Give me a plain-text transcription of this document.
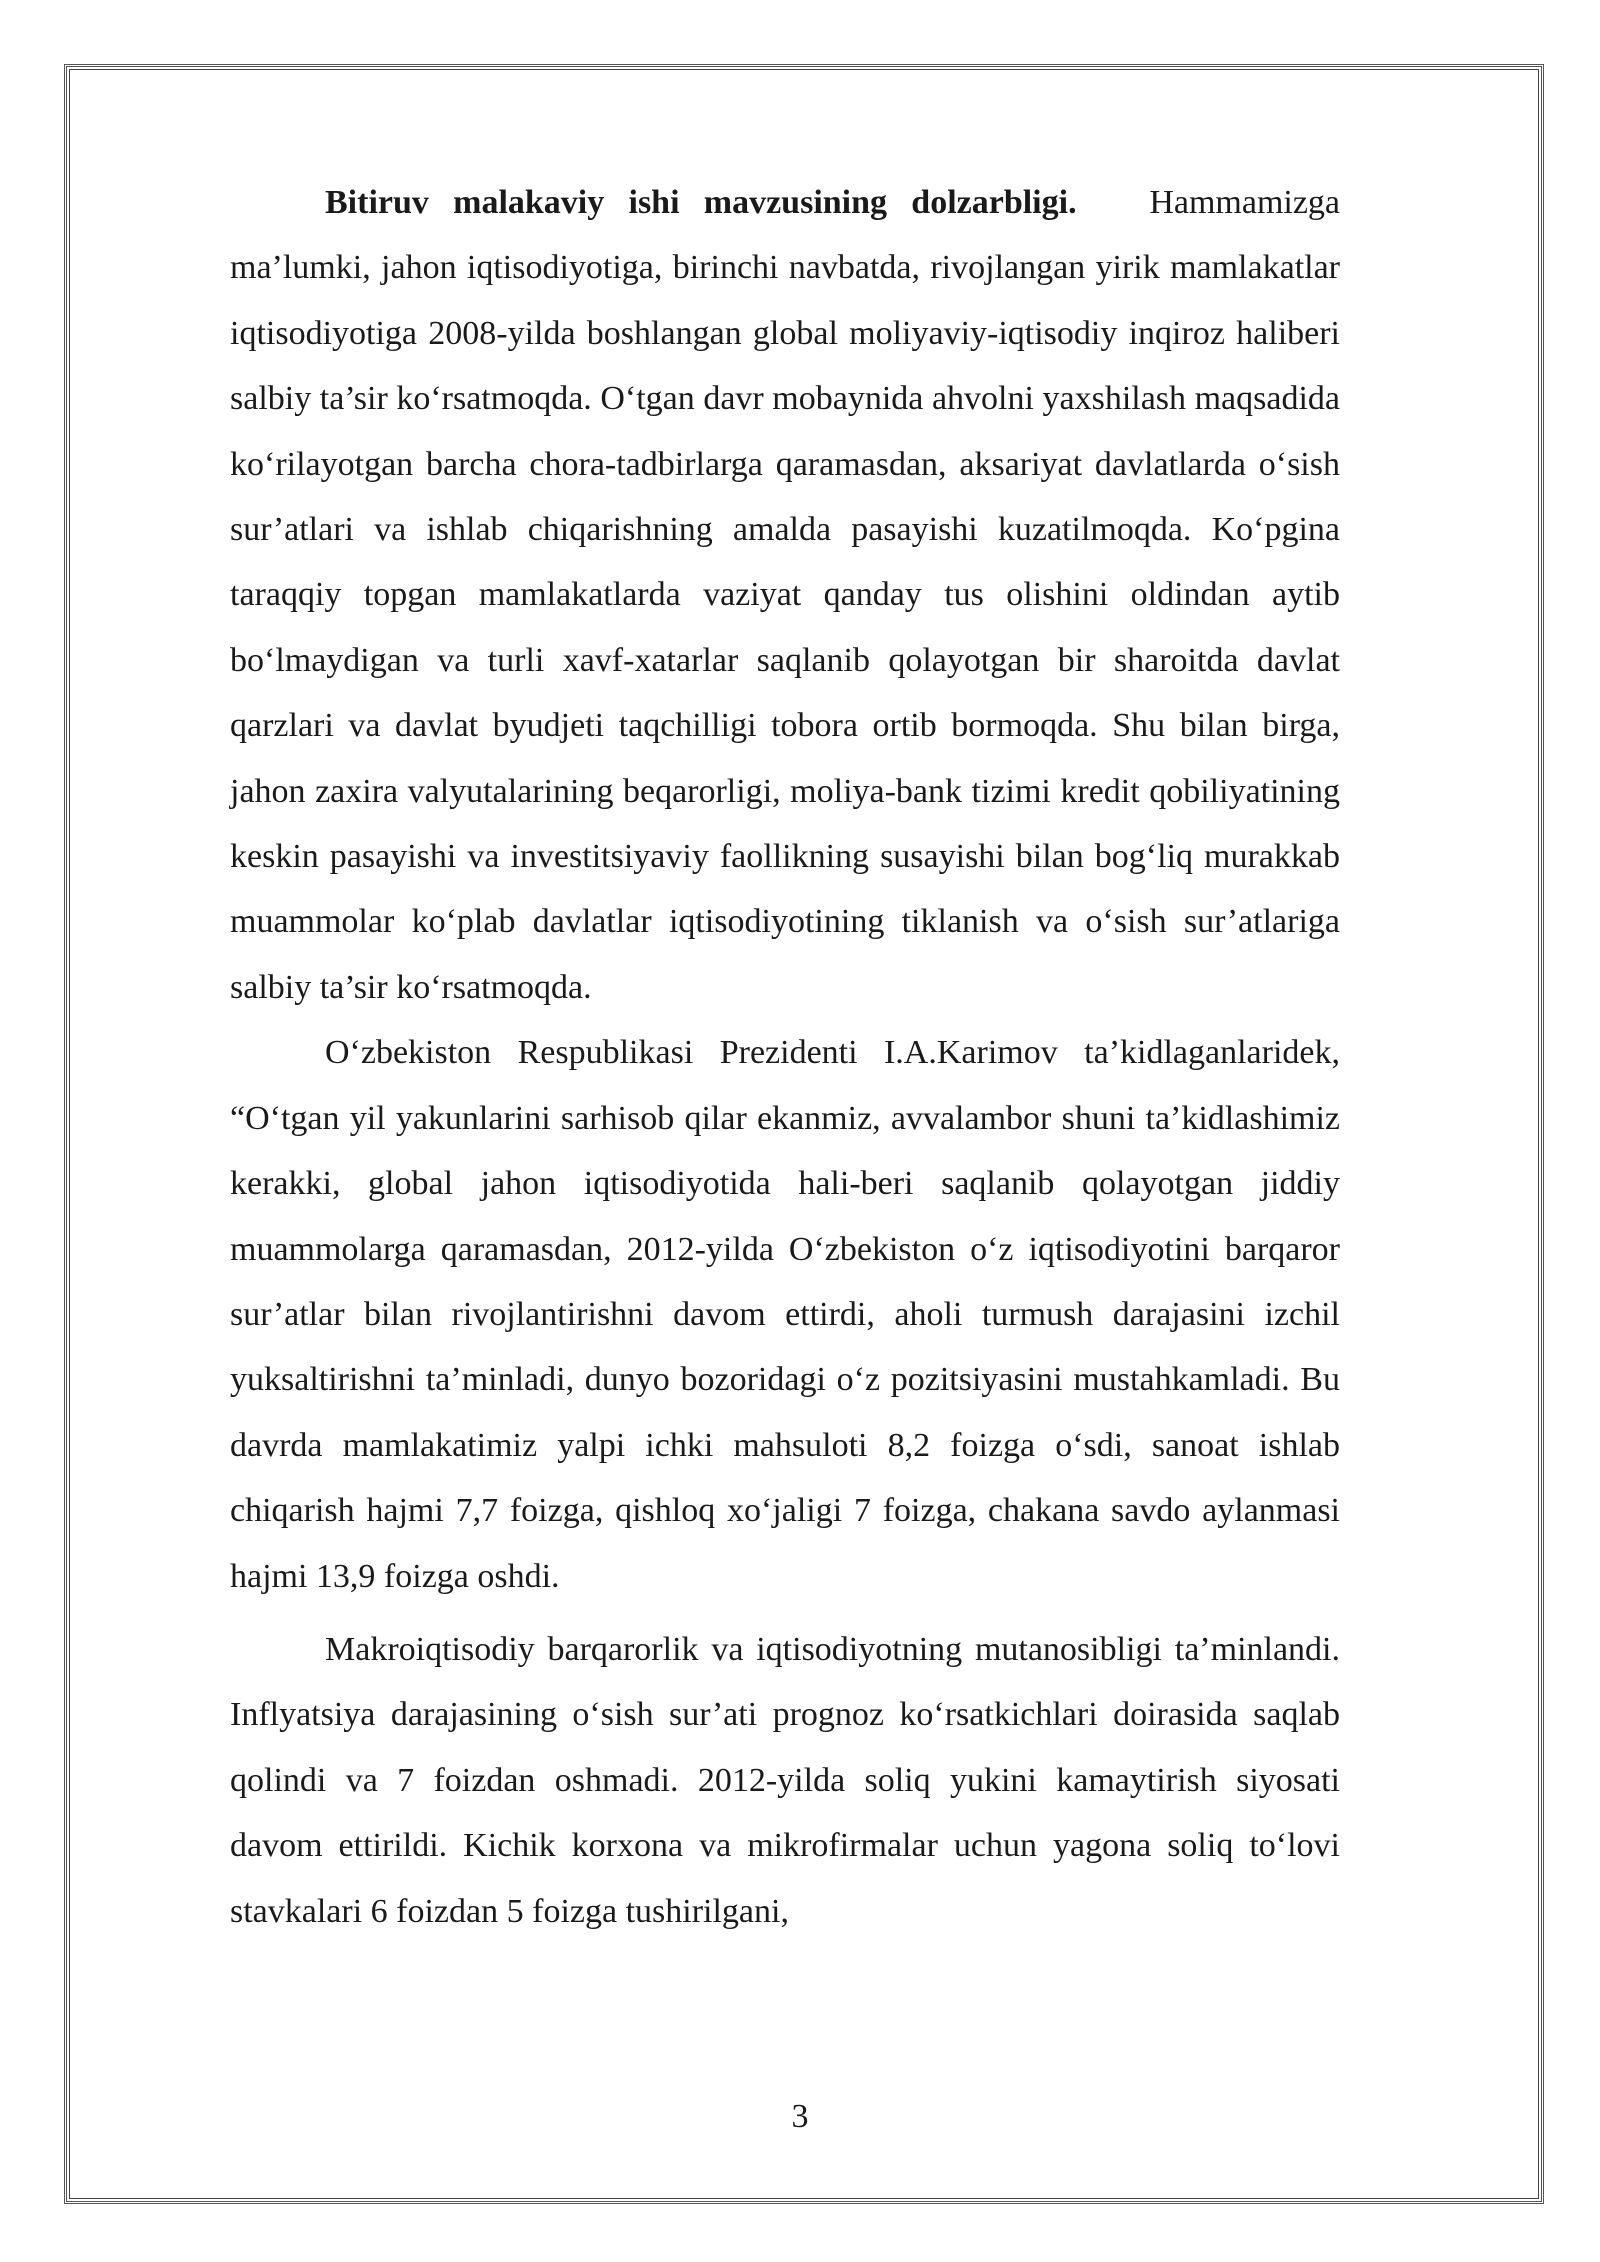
Bitiruv malakaviy ishi mavzusining dolzarbligi. Hammamizga ma’lumki, jahon iqtisodiyotiga, birinchi navbatda, rivojlangan yirik mamlakatlar iqtisodiyotiga 2008-yilda boshlangan global moliyaviy-iqtisodiy inqiroz haliberi salbiy ta’sir ko‘rsatmoqda. O‘tgan davr mobaynida ahvolni yaxshilash maqsadida ko‘rilayotgan barcha chora-tadbirlarga qaramasdan, aksariyat davlatlarda o‘sish sur’atlari va ishlab chiqarishning amalda pasayishi kuzatilmoqda. Ko‘pgina taraqqiy topgan mamlakatlarda vaziyat qanday tus olishini oldindan aytib bo‘lmaydigan va turli xavf-xatarlar saqlanib qolayotgan bir sharoitda davlat qarzlari va davlat byudjeti taqchilligi tobora ortib bormoqda. Shu bilan birga, jahon zaxira valyutalarining beqarorligi, moliya-bank tizimi kredit qobiliyatining keskin pasayishi va investitsiyaviy faollikning susayishi bilan bog‘liq murakkab muammolar ko‘plab davlatlar iqtisodiyotining tiklanish va o‘sish sur’atlariga salbiy ta’sir ko‘rsatmoqda.

O‘zbekiston Respublikasi Prezidenti I.A.Karimov ta’kidlaganlaridek, “O‘tgan yil yakunlarini sarhisob qilar ekanmiz, avvalambor shuni ta’kidlashimiz kerakki, global jahon iqtisodiyotida hali-beri saqlanib qolayotgan jiddiy muammolarga qaramasdan, 2012-yilda O‘zbekiston o‘z iqtisodiyotini barqaror sur’atlar bilan rivojlantirishni davom ettirdi, aholi turmush darajasini izchil yuksaltirishni ta’minladi, dunyo bozoridagi o‘z pozitsiyasini mustahkamladi. Bu davrda mamlakatimiz yalpi ichki mahsuloti 8,2 foizga o‘sdi, sanoat ishlab chiqarish hajmi 7,7 foizga, qishloq xo‘jaligi 7 foizga, chakana savdo aylanmasi hajmi 13,9 foizga oshdi.

Makroiqtisodiy barqarorlik va iqtisodiyotning mutanosibligi ta’minlandi. Inflyatsiya darajasining o‘sish sur’ati prognoz ko‘rsatkichlari doirasida saqlab qolindi va 7 foizdan oshmadi. 2012-yilda soliq yukini kamaytirish siyosati davom ettirildi. Kichik korxona va mikrofirmalar uchun yagona soliq to‘lovi stavkalari 6 foizdan 5 foizga tushirilgani,

3
